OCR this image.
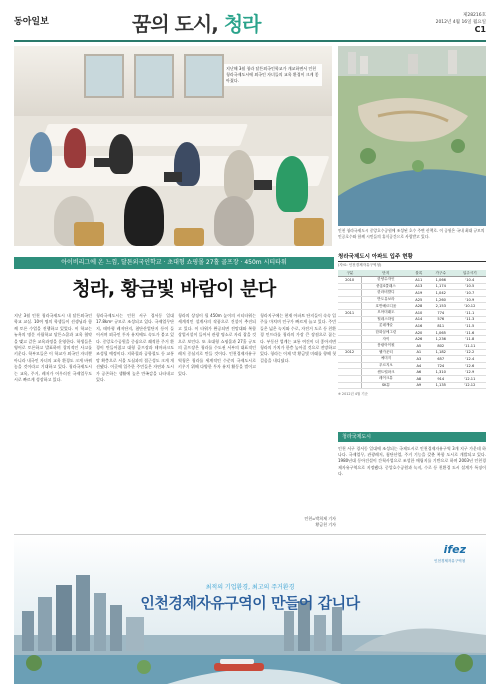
동아일보	꿈의 도시, 청라	제28216호
2012년 4월 16일 월요일
C1
지난해 3월 청라 달튼외국인학교가 개교하면서 인천 청라국제도시에 외국인 자녀들의 교육 환경이 크게 좋아졌다.
인천 청라국제도시 중앙호수공원에 조성된 호수 주변 산책로. 이 공원은 국내 최대 규모의 인공호수와 함께 시민들의 휴식공간으로 사랑받고 있다.
아이비리그에 온 느낌, 달튼외국인학교 · 초대형 쇼핑몰 27홀 골프장 · 450m 시티타워
청라, 황금빛 바람이 분다
지난 3월 인천 청라국제도시 내 달튼외국인학교 교실. 10여 명의 학생들이 선생님과 함께 토론 수업을 진행하고 있었다. 이 학교는 뉴욕의 명문 사립학교 달튼스쿨과 교육 협약을 맺고 같은 교육과정을 운영한다. 학생들은 영어로 토론하고 발표하며 창의적인 사고를 키운다. 학부모들은 이 학교가 외국인 자녀뿐 아니라 내국인 자녀의 교육 환경도 크게 바꿔 놓을 것이라고 기대하고 있다. 청라국제도시는 교육, 주거, 레저가 어우러진 국제업무도시로 빠르게 성장하고 있다.
청라국제도시는 인천 서구 경서동 일대 17.8km² 규모로 조성되고 있다. 국제업무단지, 테마형 레저단지, 첨단산업단지 등이 들어서며 외국인 투자 유치에도 속도가 붙고 있다. 중앙호수공원을 중심으로 쾌적한 주거 환경이 만들어졌고 대형 골프장과 테마파크도 조성될 예정이다. 지하철과 공항철도 등 교통망 확충으로 서울 도심과의 접근성도 크게 개선됐다. 이곳에 입주한 주민들은 자연과 도시가 공존하는 생활에 높은 만족감을 나타내고 있다.
청라의 상징이 될 450m 높이의 시티타워는 세계적인 설계사의 작품으로 건설이 추진되고 있다. 이 타워가 완공되면 전망대와 복합 상업시설이 들어서 관광 명소로 자리 잡을 것으로 보인다. 또 초대형 쇼핑몰과 27홀 규모의 골프장은 청라를 수도권 서부의 대표적인 레저 중심지로 만들 것이다. 인천경제자유구역청은 청라를 세계적인 수준의 국제도시로 키우기 위해 다양한 투자 유치 활동을 벌이고 있다.
청라지구에는 현재 아파트 단지들이 속속 입주를 마치며 인구가 빠르게 늘고 있다. 주민들은 넓은 녹지와 수로, 자전거 도로 등 친환경 인프라를 청라의 가장 큰 장점으로 꼽는다. 부동산 업계는 교통 여건이 더 좋아지면 청라의 가치가 한층 높아질 것으로 전망하고 있다. 청라는 이제 막 황금빛 미래를 향해 첫걸음을 내디뎠다.
인천=박희제 기자
황금천 기자
청라국제도시 아파트 입주 현황
(자료: 인천경제자유구역청)
구분	단지	블록	가구수	입주시기
2010	한양수자인	A11	1,066	'10.4
	중흥S클래스	A13	1,174	'10.5
	한라비발디	A19	1,042	'10.7
	반도유보라	A25	1,260	'10.9
	호반베르디움	A28	2,153	'10.12
2011	모아미래도	A10	774	'11.1
	힐데스하임	A14	576	'11.3
	롯데캐슬	A16	811	'11.5
	한화꿈에그린	A20	1,065	'11.6
	자이	A26	1,236	'11.8
	풍림아이원	A5	802	'11.11
2012	웰카운티	A1	1,182	'12.2
	예미지	A3	657	'12.4
	푸르지오	A4	724	'12.6
	센트럴파크	A6	1,310	'12.9
	레이크뷰	A8	914	'12.11
	SK뷰	A9	1,135	'12.12
※ 2012년 4월 기준
청라국제도시
인천 서구 경서동 일대에 조성되는 국제도시로 인천경제자유구역 3개 지구 가운데 하나다. 국제업무, 관광레저, 첨단산업, 주거 기능을 갖춘 복합 도시로 개발되고 있다. 1980년대 동아건설이 간척사업으로 조성한 매립지를 기반으로 하며 2003년 인천경제자유구역으로 지정됐다. 중앙호수공원과 녹지, 수로 등 친환경 도시 설계가 특징이다.
ifez
인천경제자유구역청
최적의 기업환경, 최고의 주거환경
인천경제자유구역이 만들어 갑니다
